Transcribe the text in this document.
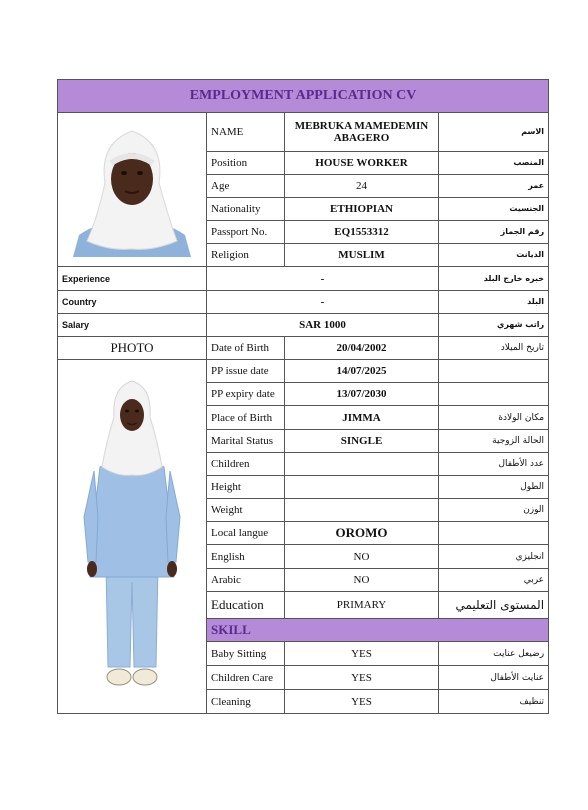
EMPLOYMENT APPLICATION CV			

	NAME	MEBRUKA MAMEDEMIN ABAGERO	الاسم
	Position	HOUSE WORKER	المنصب
	Age	24	عمر
	Nationality	ETHIOPIAN	الجنسيت
	Passport No.	EQ1553312	رقم الجماز
	Religion	MUSLIM	الديانت
Experience	-		خبره خارج البلد
Country	-		البلد
Salary	SAR 1000		راتب شهري
PHOTO	Date of Birth	20/04/2002	تاريخ الميلاد

	PP issue date	14/07/2025	
	PP expiry date	13/07/2030	
	Place of Birth	JIMMA	مكان الولادة
	Marital Status	SINGLE	الحالة الزوجية
	Children		عدد الأطفال
	Height		الطول
	Weight		الوزن
	Local langue	OROMO	
	English	NO	انجليزي
	Arabic	NO	عربي
	Education	PRIMARY	المستوى التعليمي
	SKILL		
	Baby Sitting	YES	رضيعل عنايت
	Children Care	YES	عنايت الأطفال
	Cleaning	YES	تنظيف
